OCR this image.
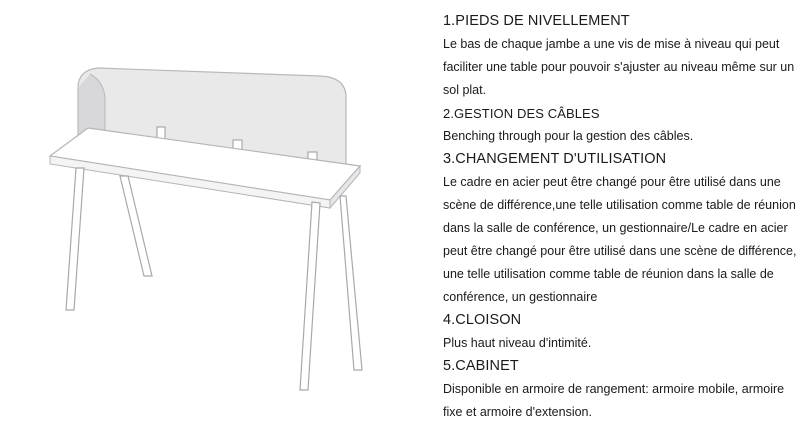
1.PIEDS DE NIVELLEMENT

Le bas de chaque jambe a une vis de mise à niveau qui peut faciliter une table pour pouvoir s'ajuster au niveau même sur un sol plat.

2.GESTION DES CÂBLES

Benching through pour la gestion des câbles.

3.CHANGEMENT D'UTILISATION

Le cadre en acier peut être changé pour être utilisé dans une scène de différence,une telle utilisation comme table de réunion dans la salle de conférence, un gestionnaire/Le cadre en acier peut être changé pour être utilisé dans une scène de différence, une telle utilisation comme table de réunion dans la salle de conférence, un gestionnaire

4.CLOISON

Plus haut niveau d'intimité.

5.CABINET

Disponible en armoire de rangement: armoire mobile, armoire fixe et armoire d'extension.
